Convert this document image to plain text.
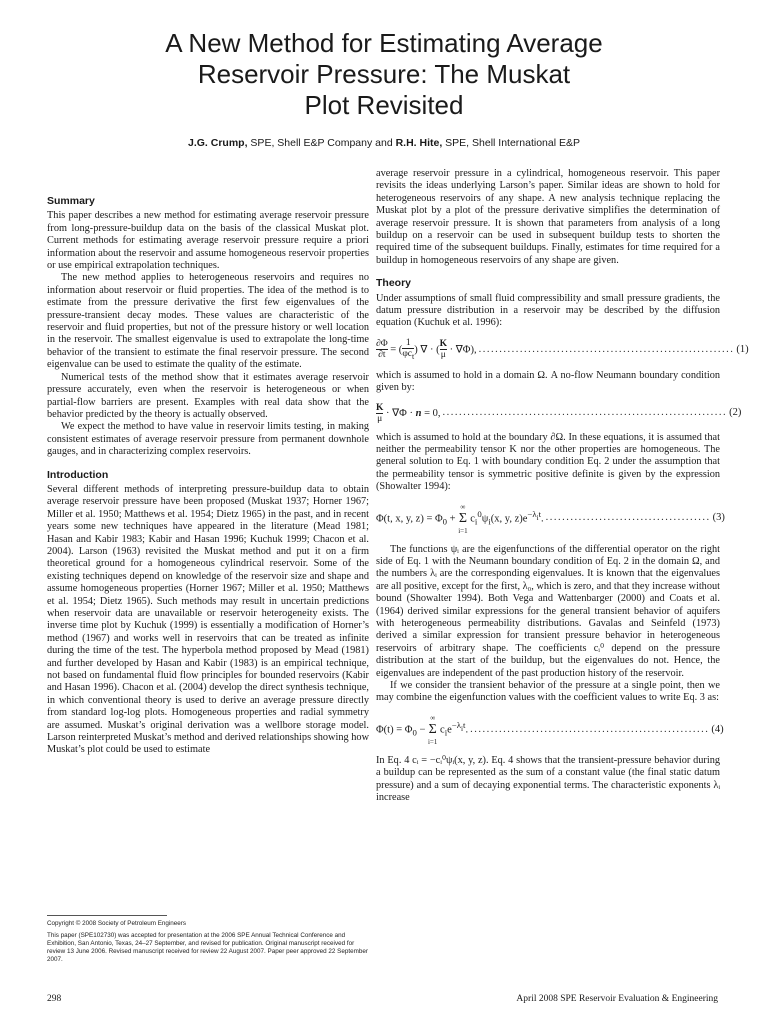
A New Method for Estimating Average
Reservoir Pressure: The Muskat
Plot Revisited
J.G. Crump, SPE, Shell E&P Company and R.H. Hite, SPE, Shell International E&P
Summary

This paper describes a new method for estimating average reservoir pressure from long-pressure-buildup data on the basis of the classical Muskat plot. Current methods for estimating average reservoir pressure require a priori information about the reservoir and assume homogeneous reservoir properties or use empirical extrapolation techniques.

The new method applies to heterogeneous reservoirs and requires no information about reservoir or fluid properties. The idea of the method is to estimate from the pressure derivative the first few eigenvalues of the pressure-transient decay modes. These values are characteristic of the reservoir and fluid properties, but not of the pressure history or well location in the reservoir. The smallest eigenvalue is used to extrapolate the long-time behavior of the transient to estimate the final reservoir pressure. The second eigenvalue can be used to estimate the quality of the estimate.

Numerical tests of the method show that it estimates average reservoir pressure accurately, even when the reservoir is heterogeneous or when partial-flow barriers are present. Examples with real data show that the behavior predicted by the theory is actually observed.

We expect the method to have value in reservoir limits testing, in making consistent estimates of average reservoir pressure from permanent downhole gauges, and in characterizing complex reservoirs.

Introduction

Several different methods of interpreting pressure-buildup data to obtain average reservoir pressure have been proposed (Muskat 1937; Horner 1967; Miller et al. 1950; Matthews et al. 1954; Dietz 1965) in the past, and in recent years some new techniques have appeared in the literature (Mead 1981; Hasan and Kabir 1983; Kabir and Hasan 1996; Kuchuk 1999; Chacon et al. 2004). Larson (1963) revisited the Muskat method and put it on a firm theoretical ground for a homogeneous cylindrical reservoir. Some of the existing techniques depend on knowledge of the reservoir size and shape and assume homogeneous properties (Horner 1967; Miller et al. 1950; Matthews et al. 1954; Dietz 1965). Such methods may result in uncertain predictions when reservoir data are unavailable or reservoir heterogeneity exists. The inverse time plot by Kuchuk (1999) is essentially a modification of Horner’s method (1967) and works well in reservoirs that can be treated as infinite during the time of the test. The hyperbola method proposed by Mead (1981) and further developed by Hasan and Kabir (1983) is an empirical technique, not based on fundamental fluid flow principles for bounded reservoirs (Kabir and Hasan 1996). Chacon et al. (2004) develop the direct synthesis technique, in which conventional theory is used to derive an average pressure directly from standard log-log plots. Homogeneous properties and radial symmetry are assumed. Muskat’s original derivation was a wellbore storage model. Larson reinterpreted Muskat’s method and derived relationships showing how Muskat’s plot could be used to estimate

average reservoir pressure in a cylindrical, homogeneous reservoir. This paper revisits the ideas underlying Larson’s paper. Similar ideas are shown to hold for heterogeneous reservoirs of any shape. A new analysis technique replacing the Muskat plot by a plot of the pressure derivative simplifies the determination of average reservoir pressure. It is shown that parameters from analysis of a long buildup on a reservoir can be used in subsequent buildup tests to shorten the required time of the subsequent buildups. Finally, estimates for time required for a buildup in homogeneous reservoirs of any shape are given.

Theory

Under assumptions of small fluid compressibility and small pressure gradients, the datum pressure distribution in a reservoir may be described by the diffusion equation (Kuchuk et al. 1996):

$\frac{\partial\Phi}{\partial t}$ = ( $\frac{1}{\varphi c_t}$ ) ∇ · ( $\frac{K}{\mu} \cdot \nabla\Phi$), .............................................................. (1)

which is assumed to hold in a domain Ω. A no-flow Neumann boundary condition given by:

$\frac{K}{\mu} \cdot \nabla\Phi \cdot n = 0$, ..................................................................... (2)

which is assumed to hold at the boundary ∂Ω. In these equations, it is assumed that neither the permeability tensor K nor the other properties are homogeneous. The general solution to Eq. 1 with boundary condition Eq. 2 under the assumption that the permeability tensor is symmetric positive definite is given by the expression (Showalter 1994):

Φ(t, x, y, $z) = \Phi_0$ +
∞
Σ
i=1
$c_i^0\psi_i(x$, y, $z)e^{-\lambda_it}$. ........................................ (3)

The functions ψᵢ are the eigenfunctions of the differential operator on the right side of Eq. 1 with the Neumann boundary condition of Eq. 2 in the domain Ω, and the numbers λᵢ are the corresponding eigenvalues. It is known that the eigenvalues are all positive, except for the first, λ₀, which is zero, and that they increase without bound (Showalter 1994). Both Vega and Wattenbarger (2000) and Coats et al. (1964) derived similar expressions for the general transient behavior of aquifers with heterogeneous permeability distributions. Gavalas and Seinfeld (1973) derived a similar expression for transient pressure behavior in heterogeneous reservoirs of arbitrary shape. The coefficients cᵢ⁰ depend on the pressure distribution at the start of the buildup, but the eigenvalues do not. Hence, the eigenvalues are independent of the past production history of the reservoir.

If we consider the transient behavior of the pressure at a single point, then we may combine the eigenfunction values with the coefficient values to write Eq. 3 as:

$\Phi(t) = \Phi_0$ −
∞
Σ
i=1
$c_ie^{-\lambda_it}$. .......................................................... (4)

In Eq. 4 cᵢ = −cᵢ⁰ψᵢ(x, y, z). Eq. 4 shows that the transient-pressure behavior during a buildup can be represented as the sum of a constant value (the final static datum pressure) and a sum of decaying exponential terms. The characteristic exponents λᵢ increase

Copyright © 2008 Society of Petroleum Engineers

This paper (SPE102730) was accepted for presentation at the 2006 SPE Annual Technical Conference and Exhibition, San Antonio, Texas, 24–27 September, and revised for publication. Original manuscript received for review 13 June 2006. Revised manuscript received for review 22 August 2007. Paper peer approved 22 September 2007.

298	April 2008 SPE Reservoir Evaluation & Engineering
